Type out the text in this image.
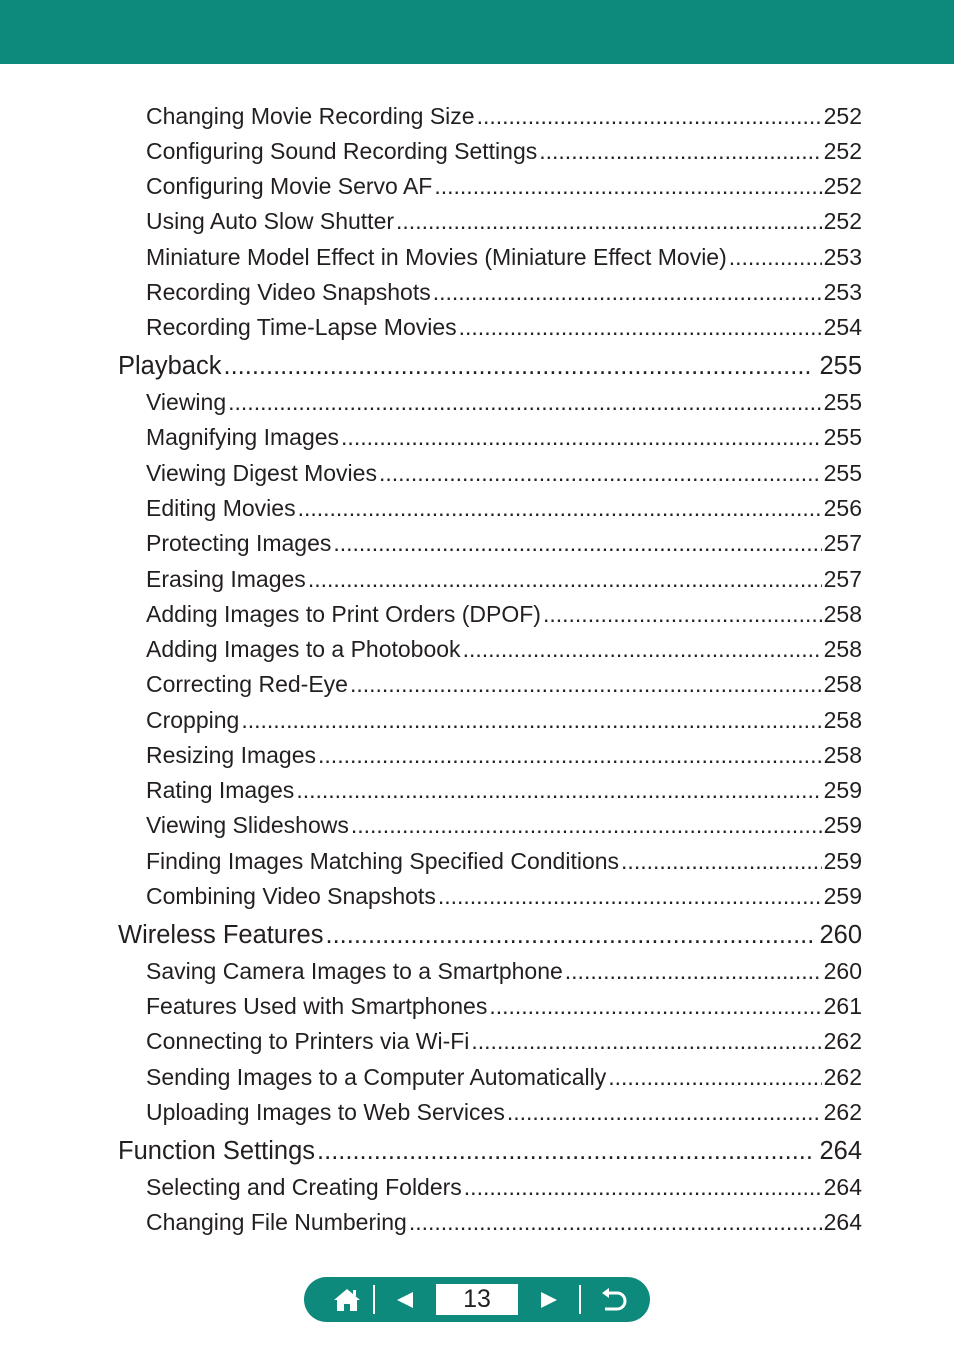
Changing Movie Recording Size .....	252
Configuring Sound Recording Settings .....	252
Configuring Movie Servo AF .....	252
Using Auto Slow Shutter .....	252
Miniature Model Effect in Movies (Miniature Effect Movie) .....	253
Recording Video Snapshots .....	253
Recording Time-Lapse Movies .....	254
Playback .....	255
Viewing .....	255
Magnifying Images .....	255
Viewing Digest Movies .....	255
Editing Movies .....	256
Protecting Images .....	257
Erasing Images .....	257
Adding Images to Print Orders (DPOF) .....	258
Adding Images to a Photobook .....	258
Correcting Red-Eye .....	258
Cropping .....	258
Resizing Images .....	258
Rating Images .....	259
Viewing Slideshows .....	259
Finding Images Matching Specified Conditions .....	259
Combining Video Snapshots .....	259
Wireless Features .....	260
Saving Camera Images to a Smartphone .....	260
Features Used with Smartphones .....	261
Connecting to Printers via Wi-Fi .....	262
Sending Images to a Computer Automatically .....	262
Uploading Images to Web Services .....	262
Function Settings .....	264
Selecting and Creating Folders .....	264
Changing File Numbering .....	264
13
